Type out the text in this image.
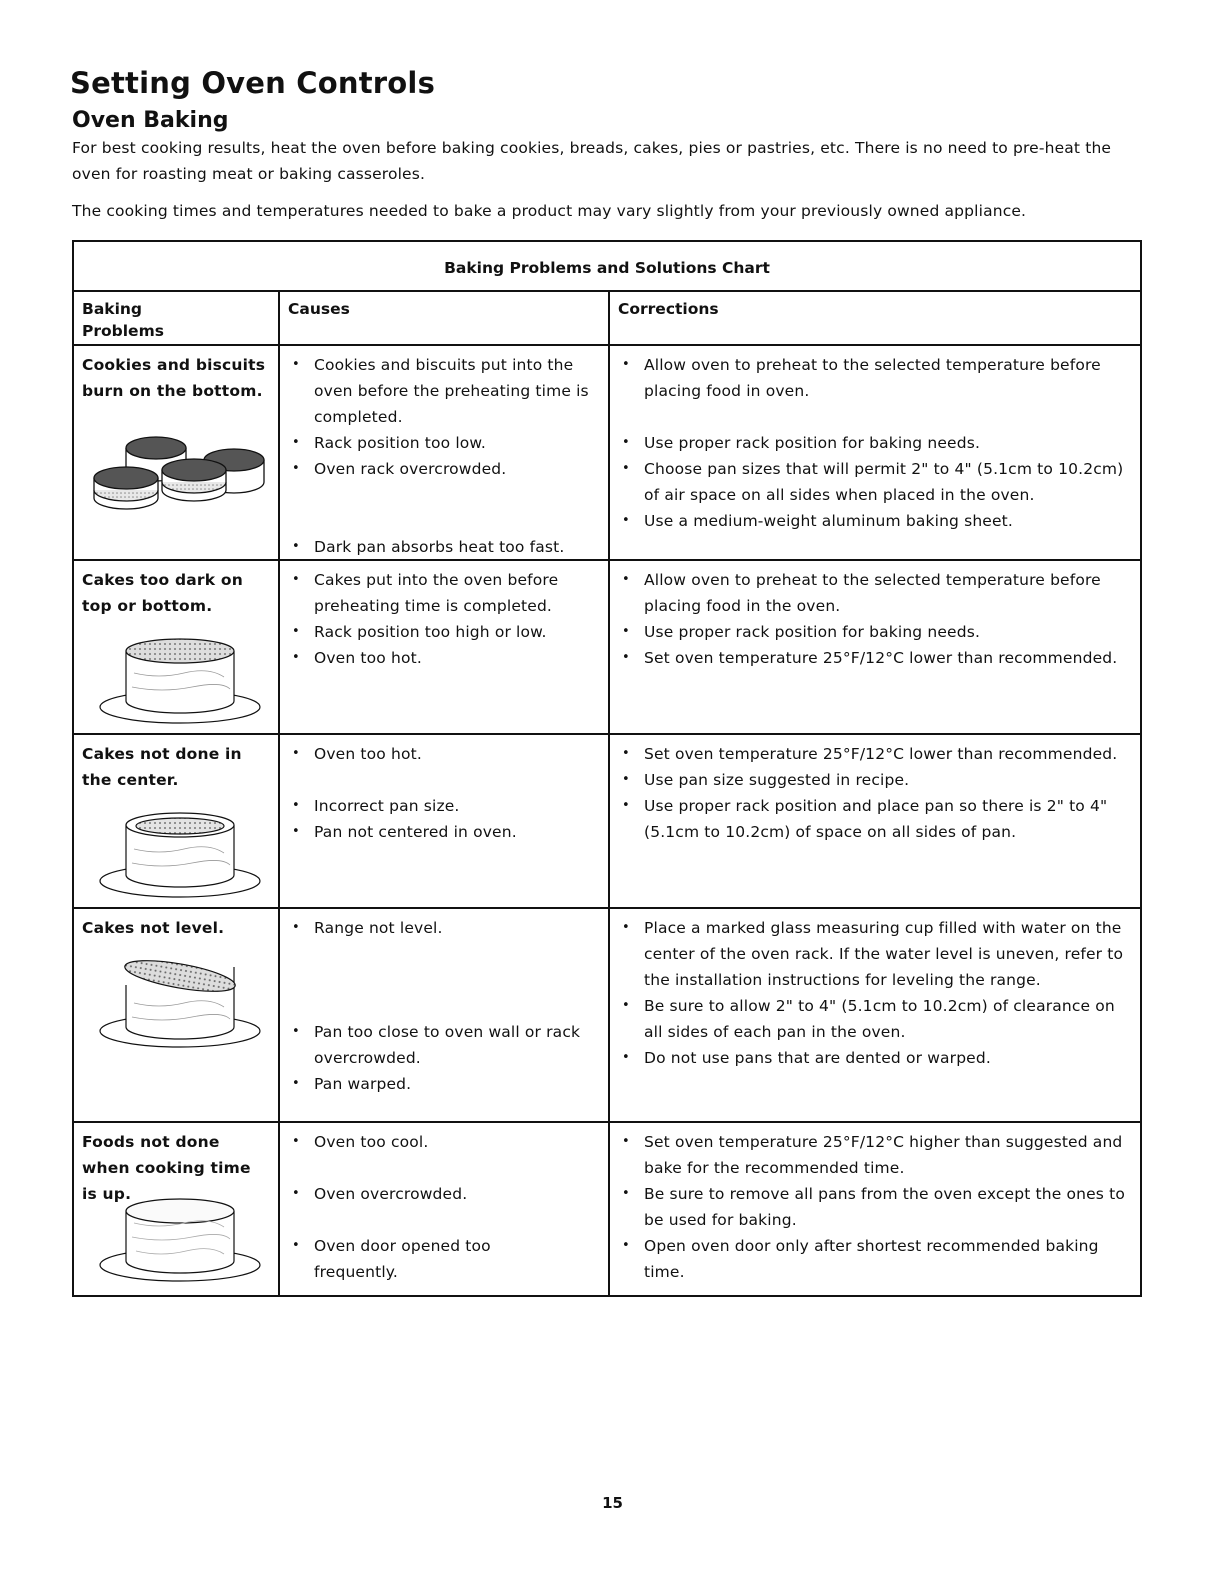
Setting Oven Controls
Oven Baking

For best cooking results, heat the oven before baking cookies, breads, cakes, pies or pastries, etc. There is no need to pre-heat the oven for roasting meat or baking casseroles.

The cooking times and temperatures needed to bake a product may vary slightly from your previously owned appliance.

Baking Problems and Solutions Chart
Baking Problems
Causes	Corrections
Cookies and biscuits burn on the bottom.
• Cookies and biscuits put into the oven before the preheating time is completed.
• Rack position too low.
• Oven rack overcrowded.
• Dark pan absorbs heat too fast.
• Allow oven to preheat to the selected temperature before placing food in oven.
• Use proper rack position for baking needs.
• Choose pan sizes that will permit 2" to 4" (5.1cm to 10.2cm) of air space on all sides when placed in the oven.
• Use a medium-weight aluminum baking sheet.
Cakes too dark on top or bottom.
• Cakes put into the oven before preheating time is completed.
• Rack position too high or low.
• Oven too hot.
• Allow oven to preheat to the selected temperature before placing food in the oven.
• Use proper rack position for baking needs.
• Set oven temperature 25°F/12°C lower than recommended.
Cakes not done in the center.
• Oven too hot.
• Incorrect pan size.
• Pan not centered in oven.
• Set oven temperature 25°F/12°C lower than recommended.
• Use pan size suggested in recipe.
• Use proper rack position and place pan so there is 2" to 4" (5.1cm to 10.2cm) of space on all sides of pan.
Cakes not level.
•	Range not level.
• Pan too close to oven wall or rack overcrowded.
• Pan warped.
• Place a marked glass measuring cup filled with water on the center of the oven rack. If the water level is uneven, refer to the installation instructions for leveling the range.
• Be sure to allow 2" to 4" (5.1cm to 10.2cm) of clearance on all sides of each pan in the oven.
• Do not use pans that are dented or warped.
Foods not done when cooking time is up.
• Oven too cool.
• Oven overcrowded.
• Oven door opened too frequently.
• Set oven temperature 25°F/12°C higher than suggested and bake for the recommended time.
• Be sure to remove all pans from the oven except the ones to be used for baking.
• Open oven door only after shortest recommended baking time.
15
